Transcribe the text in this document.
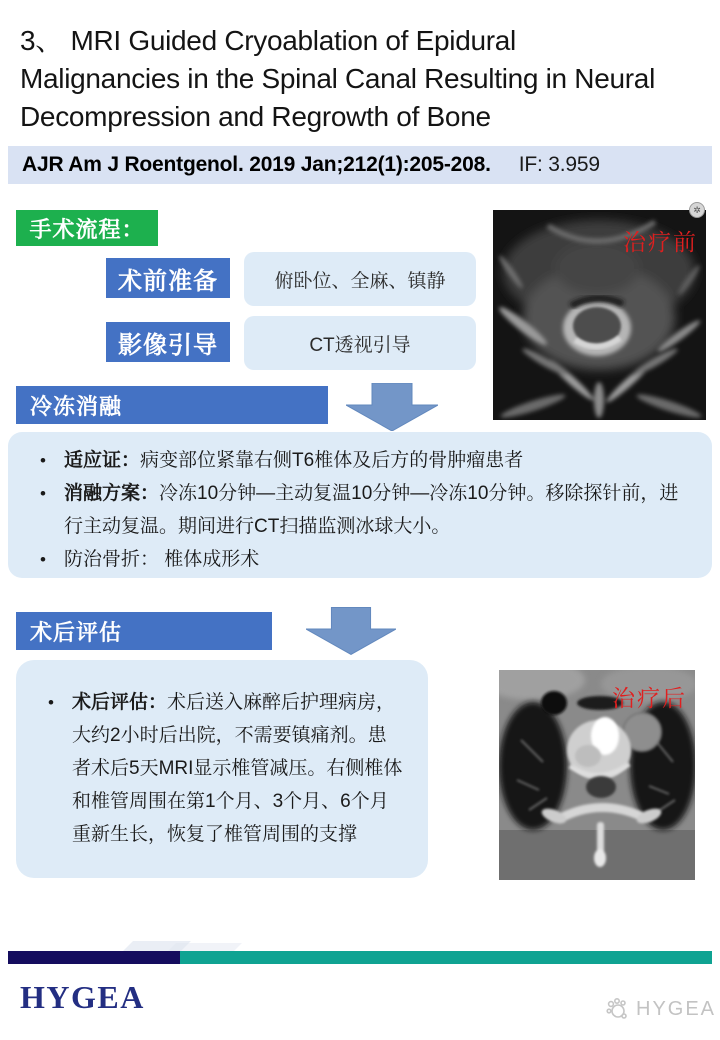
3、 MRI Guided Cryoablation of Epidural Malignancies in the Spinal Canal Resulting in Neural Decompression and Regrowth of Bone
AJR Am J Roentgenol. 2019 Jan;212(1):205-208. IF: 3.959
手术流程：
术前准备	俯卧位、全麻、镇静
影像引导	CT透视引导
冷冻消融
• 适应证：病变部位紧靠右侧T6椎体及后方的骨肿瘤患者
• 消融方案：冷冻10分钟—主动复温10分钟—冷冻10分钟。移除探针前，进行主动复温。期间进行CT扫描监测冰球大小。
• 防治骨折： 椎体成形术
术后评估
• 术后评估：术后送入麻醉后护理病房，大约2小时后出院，不需要镇痛剂。患者术后5天MRI显示椎管减压。右侧椎体和椎管周围在第1个月、3个月、6个月重新生长，恢复了椎管周围的支撑
治疗前
✲
治疗后
HYGEA	HYGEA
